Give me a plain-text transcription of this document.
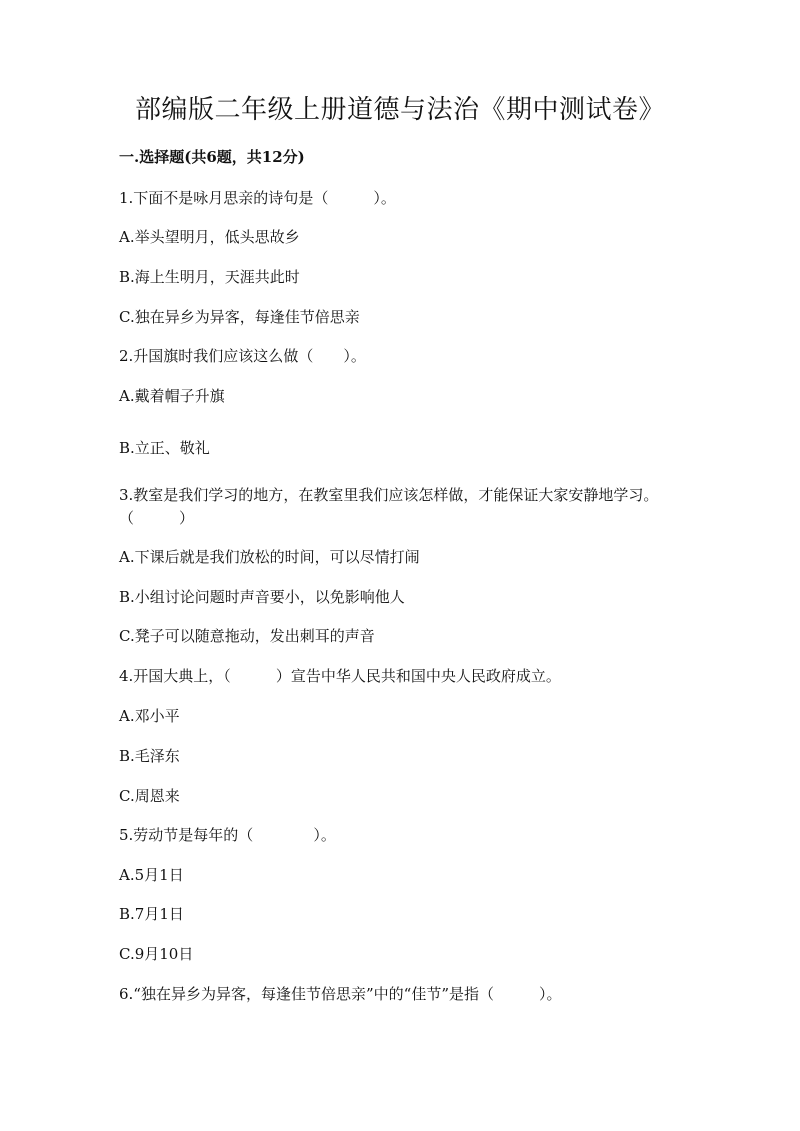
部编版二年级上册道德与法治《期中测试卷》
一.选择题(共6题，共12分)
1.下面不是咏月思亲的诗句是（　　　）。
A.举头望明月，低头思故乡
B.海上生明月，天涯共此时
C.独在异乡为异客，每逢佳节倍思亲
2.升国旗时我们应该这么做（　　）。
A.戴着帽子升旗
B.立正、敬礼
3.教室是我们学习的地方，在教室里我们应该怎样做，才能保证大家安静地学习。（　　　）
A.下课后就是我们放松的时间，可以尽情打闹
B.小组讨论问题时声音要小，以免影响他人
C.凳子可以随意拖动，发出刺耳的声音
4.开国大典上，（　　　）宣告中华人民共和国中央人民政府成立。
A.邓小平
B.毛泽东
C.周恩来
5.劳动节是每年的（　　　　）。
A.5月1日
B.7月1日
C.9月10日
6.“独在异乡为异客，每逢佳节倍思亲”中的“佳节”是指（　　　）。
